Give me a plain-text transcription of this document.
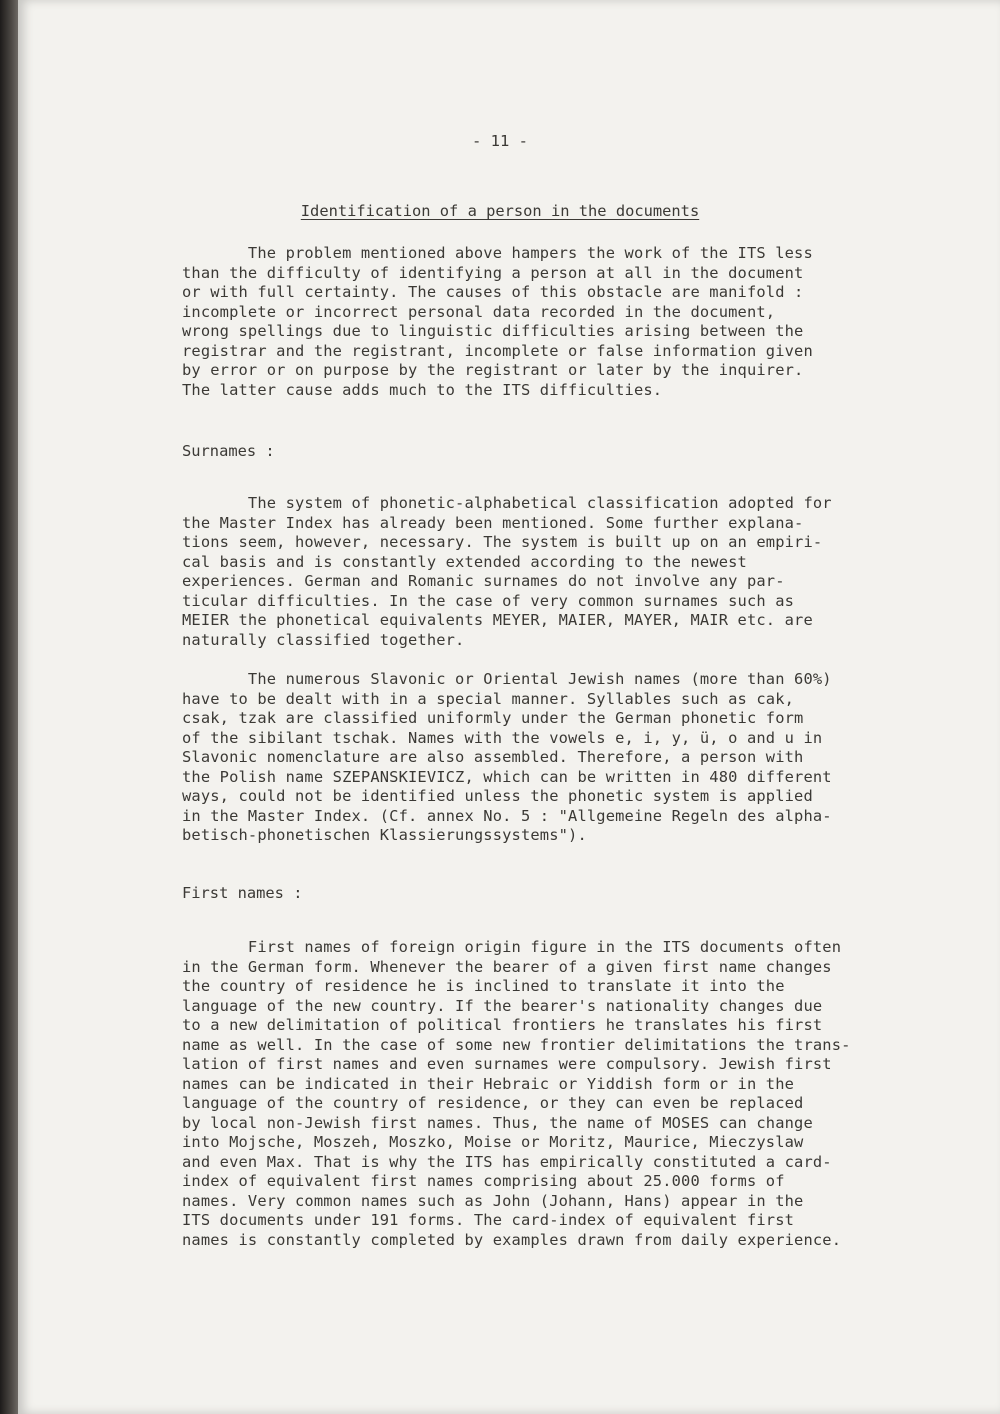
- 11 -
Identification of a person in the documents
The problem mentioned above hampers the work of the ITS less
than the difficulty of identifying a person at all in the document
or with full certainty. The causes of this obstacle are manifold :
incomplete or incorrect personal data recorded in the document,
wrong spellings due to linguistic difficulties arising between the
registrar and the registrant, incomplete or false information given
by error or on purpose by the registrant or later by the inquirer.
The latter cause adds much to the ITS difficulties.
Surnames :
The system of phonetic-alphabetical classification adopted for
the Master Index has already been mentioned. Some further explana-
tions seem, however, necessary. The system is built up on an empiri-
cal basis and is constantly extended according to the newest
experiences. German and Romanic surnames do not involve any par-
ticular difficulties. In the case of very common surnames such as
MEIER the phonetical equivalents MEYER, MAIER, MAYER, MAIR etc. are
naturally classified together.
The numerous Slavonic or Oriental Jewish names (more than 60%)
have to be dealt with in a special manner. Syllables such as cak,
csak, tzak are classified uniformly under the German phonetic form
of the sibilant tschak. Names with the vowels e, i, y, ü, o and u in
Slavonic nomenclature are also assembled. Therefore, a person with
the Polish name SZEPANSKIEVICZ, which can be written in 480 different
ways, could not be identified unless the phonetic system is applied
in the Master Index. (Cf. annex No. 5 : "Allgemeine Regeln des alpha-
betisch-phonetischen Klassierungssystems").
First names :
First names of foreign origin figure in the ITS documents often
in the German form. Whenever the bearer of a given first name changes
the country of residence he is inclined to translate it into the
language of the new country. If the bearer's nationality changes due
to a new delimitation of political frontiers he translates his first
name as well. In the case of some new frontier delimitations the trans-
lation of first names and even surnames were compulsory. Jewish first
names can be indicated in their Hebraic or Yiddish form or in the
language of the country of residence, or they can even be replaced
by local non-Jewish first names. Thus, the name of MOSES can change
into Mojsche, Moszeh, Moszko, Moise or Moritz, Maurice, Mieczyslaw
and even Max. That is why the ITS has empirically constituted a card-
index of equivalent first names comprising about 25.000 forms of
names. Very common names such as John (Johann, Hans) appear in the
ITS documents under 191 forms. The card-index of equivalent first
names is constantly completed by examples drawn from daily experience.
